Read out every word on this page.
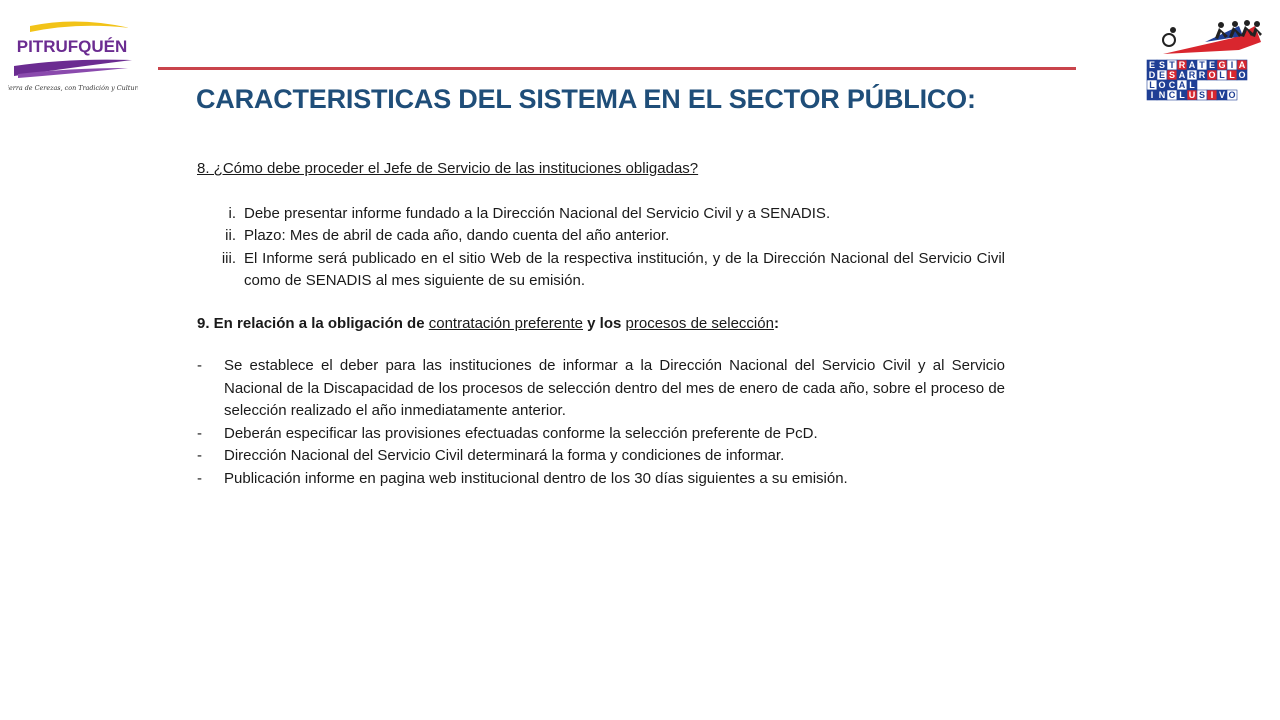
PITRUFQUÉN
Tierra de Cerezas, con Tradición y Cultura
E S T R A T E G I A
D E S A R R O L L O
L O C A L
I N C L U S I V O
CARACTERISTICAS DEL SISTEMA EN EL SECTOR PÚBLICO:
8. ¿Cómo debe proceder el Jefe de Servicio de las instituciones obligadas?
i. Debe presentar informe fundado a la Dirección Nacional del Servicio Civil y a SENADIS.
ii. Plazo: Mes de abril de cada año, dando cuenta del año anterior.
iii. El Informe será publicado en el sitio Web de la respectiva institución, y de la Dirección Nacional del Servicio Civil como de SENADIS al mes siguiente de su emisión.
9. En relación a la obligación de contratación preferente y los procesos de selección:
-	Se establece el deber para las instituciones de informar a la Dirección Nacional del Servicio Civil y al Servicio Nacional de la Discapacidad de los procesos de selección dentro del mes de enero de cada año, sobre el proceso de selección realizado el año inmediatamente anterior.
-	Deberán especificar las provisiones efectuadas conforme la selección preferente de PcD.
-	Dirección Nacional del Servicio Civil determinará la forma y condiciones de informar.
-	Publicación informe en pagina web institucional dentro de los 30 días siguientes a su emisión.
